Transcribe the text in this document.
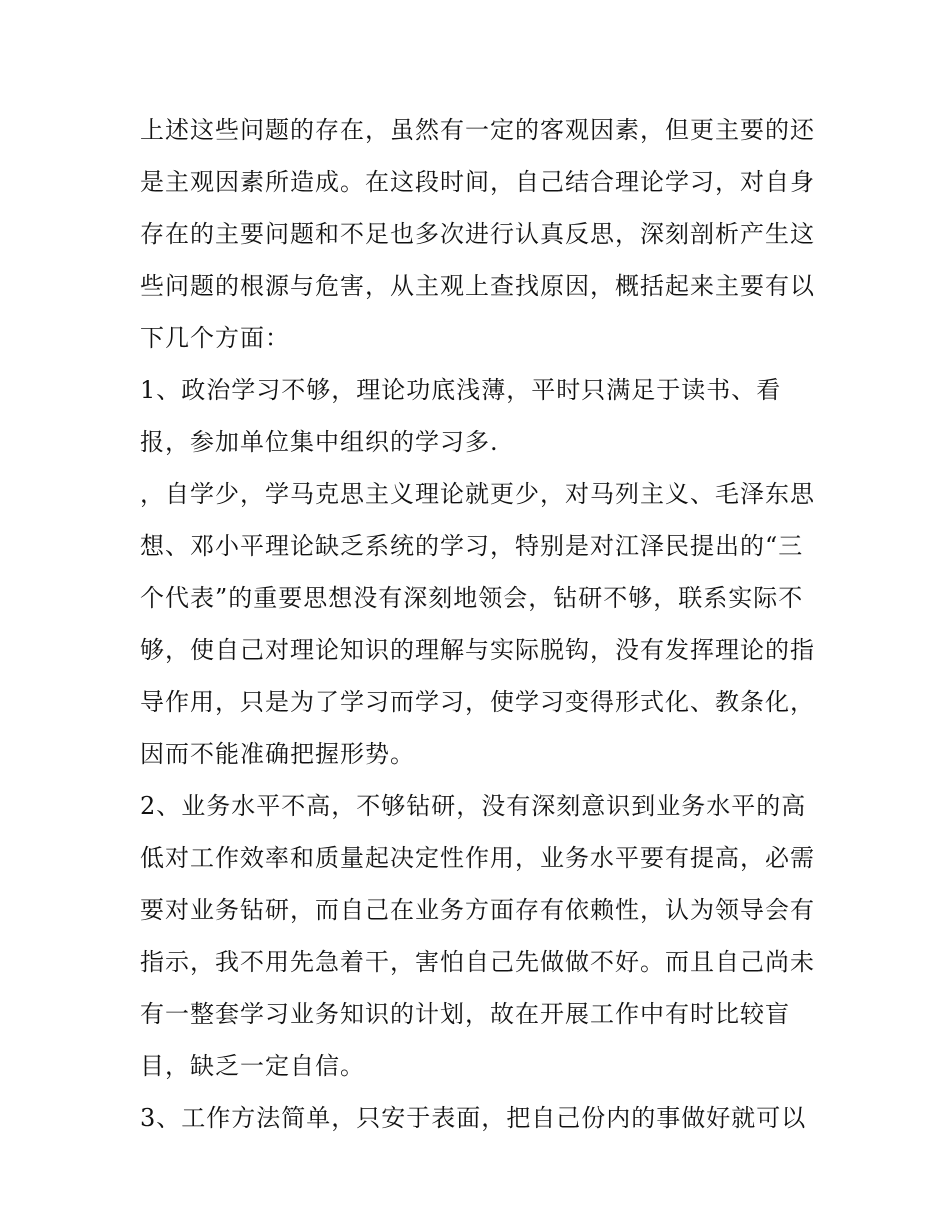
上述这些问题的存在，虽然有一定的客观因素，但更主要的还
是主观因素所造成。在这段时间，自己结合理论学习，对自身
存在的主要问题和不足也多次进行认真反思，深刻剖析产生这
些问题的根源与危害，从主观上查找原因，概括起来主要有以
下几个方面：
1、政治学习不够，理论功底浅薄，平时只满足于读书、看
报，参加单位集中组织的学习多.
，自学少，学马克思主义理论就更少，对马列主义、毛泽东思
想、邓小平理论缺乏系统的学习，特别是对江泽民提出的“三
个代表”的重要思想没有深刻地领会，钻研不够，联系实际不
够，使自己对理论知识的理解与实际脱钩，没有发挥理论的指
导作用，只是为了学习而学习，使学习变得形式化、教条化，
因而不能准确把握形势。
2、业务水平不高，不够钻研，没有深刻意识到业务水平的高
低对工作效率和质量起决定性作用，业务水平要有提高，必需
要对业务钻研，而自己在业务方面存有依赖性，认为领导会有
指示，我不用先急着干，害怕自己先做做不好。而且自己尚未
有一整套学习业务知识的计划，故在开展工作中有时比较盲
目，缺乏一定自信。
3、工作方法简单，只安于表面，把自己份内的事做好就可以
